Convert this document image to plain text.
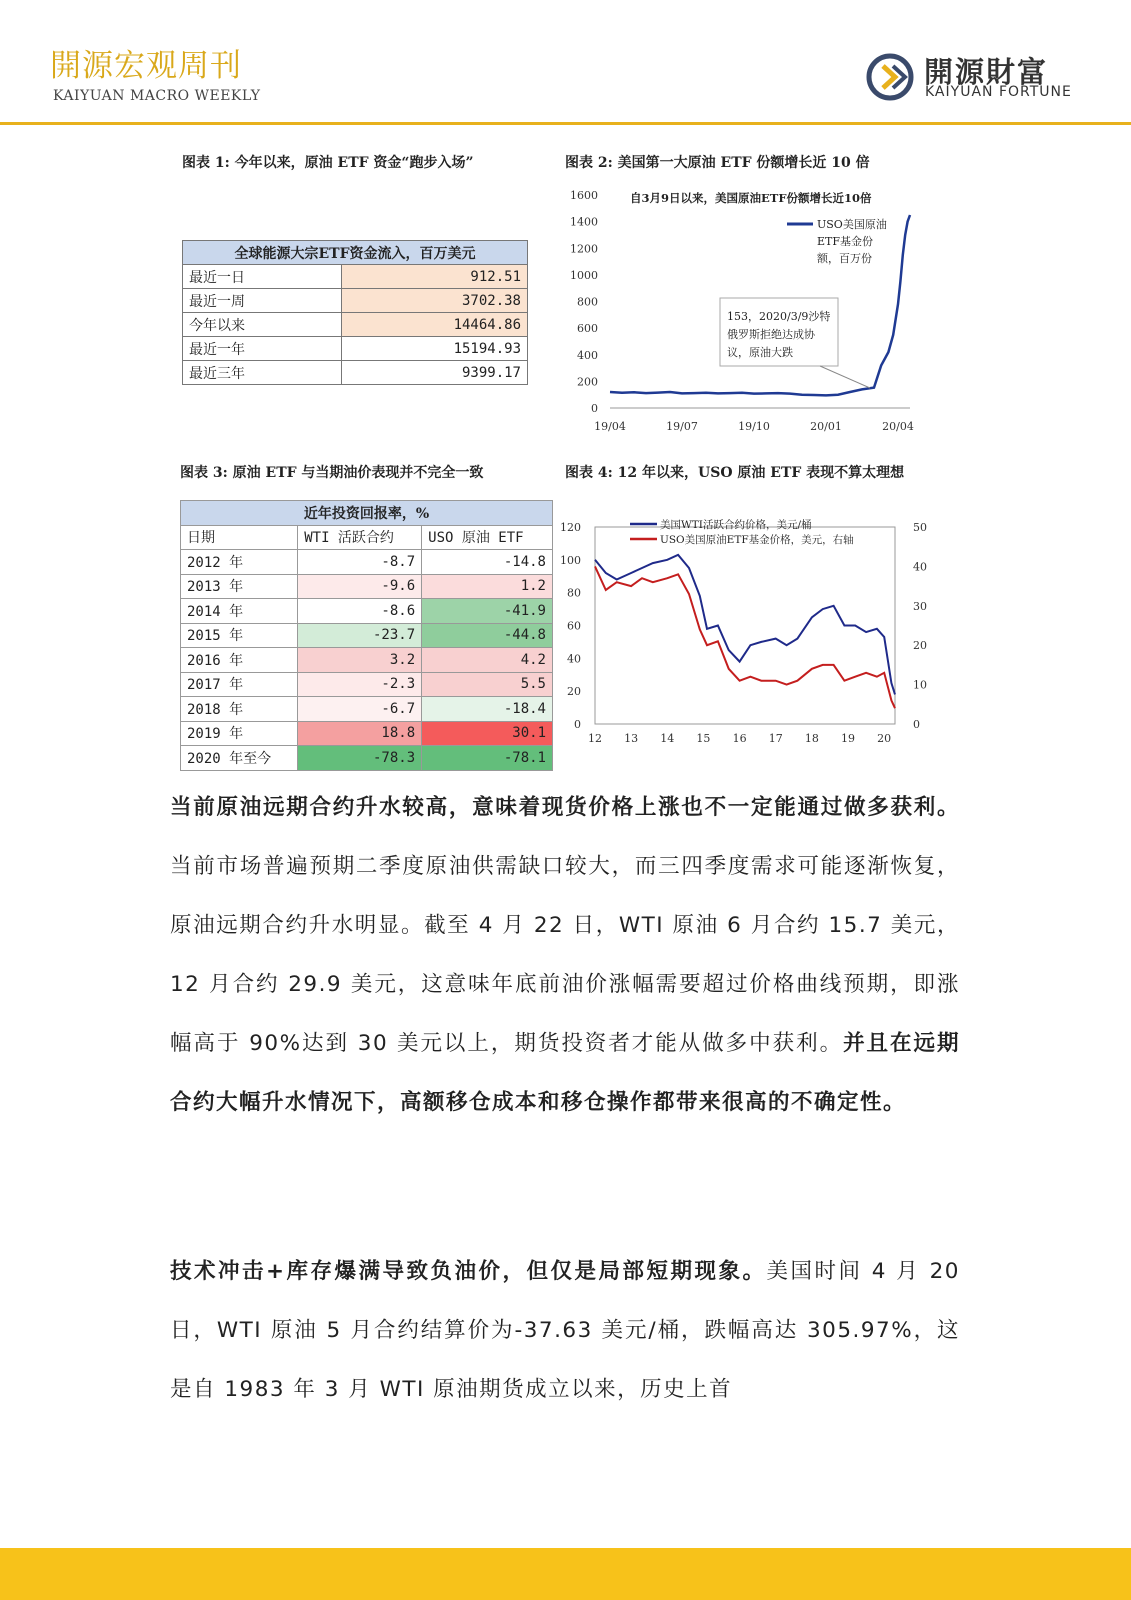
開源宏观周刊
KAIYUAN MACRO WEEKLY
開源財富
KAIYUAN FORTUNE
图表 1: 今年以来，原油 ETF 资金“跑步入场”	图表 2: 美国第一大原油 ETF 份额增长近 10 倍
全球能源大宗ETF资金流入，百万美元	
最近一日	912.51
最近一周	3702.38
今年以来	14464.86
最近一年	15194.93
最近三年	9399.17
0
200
400
600
800
1000
1200
1400
1600
19/04	19/07	19/10	20/01	20/04
自3月9日以来，美国原油ETF份额增长近10倍
USO美国原油
ETF基金份
额，百万份
153，2020/3/9沙特
俄罗斯拒绝达成协
议，原油大跌
图表 3: 原油 ETF 与当期油价表现并不完全一致	图表 4: 12 年以来，USO 原油 ETF 表现不算太理想
近年投资回报率，%		
日期	WTI 活跃合约	USO 原油 ETF
2012 年	-8.7	-14.8
2013 年	-9.6	1.2
2014 年	-8.6	-41.9
2015 年	-23.7	-44.8
2016 年	3.2	4.2
2017 年	-2.3	5.5
2018 年	-6.7	-18.4
2019 年	18.8	30.1
2020 年至今	-78.3	-78.1
0
20
40
60
80
100
120
0
10
20
30
40
50
12 13 14 15 16 17 18 19 20
美国WTI活跃合约价格，美元/桶
USO美国原油ETF基金价格，美元，右轴
当前原油远期合约升水较高，意味着现货价格上涨也不一定能通过做多获利。当前市场普遍预期二季度原油供需缺口较大，而三四季度需求可能逐渐恢复，原油远期合约升水明显。截至 4 月 22 日，WTI 原油 6 月合约 15.7 美元，12 月合约 29.9 美元，这意味年底前油价涨幅需要超过价格曲线预期，即涨幅高于 90%达到 30 美元以上，期货投资者才能从做多中获利。并且在远期合约大幅升水情况下，高额移仓成本和移仓操作都带来很高的不确定性。
技术冲击+库存爆满导致负油价，但仅是局部短期现象。美国时间 4 月 20 日，WTI 原油 5 月合约结算价为-37.63 美元/桶，跌幅高达 305.97%，这是自 1983 年 3 月 WTI 原油期货成立以来，历史上首
